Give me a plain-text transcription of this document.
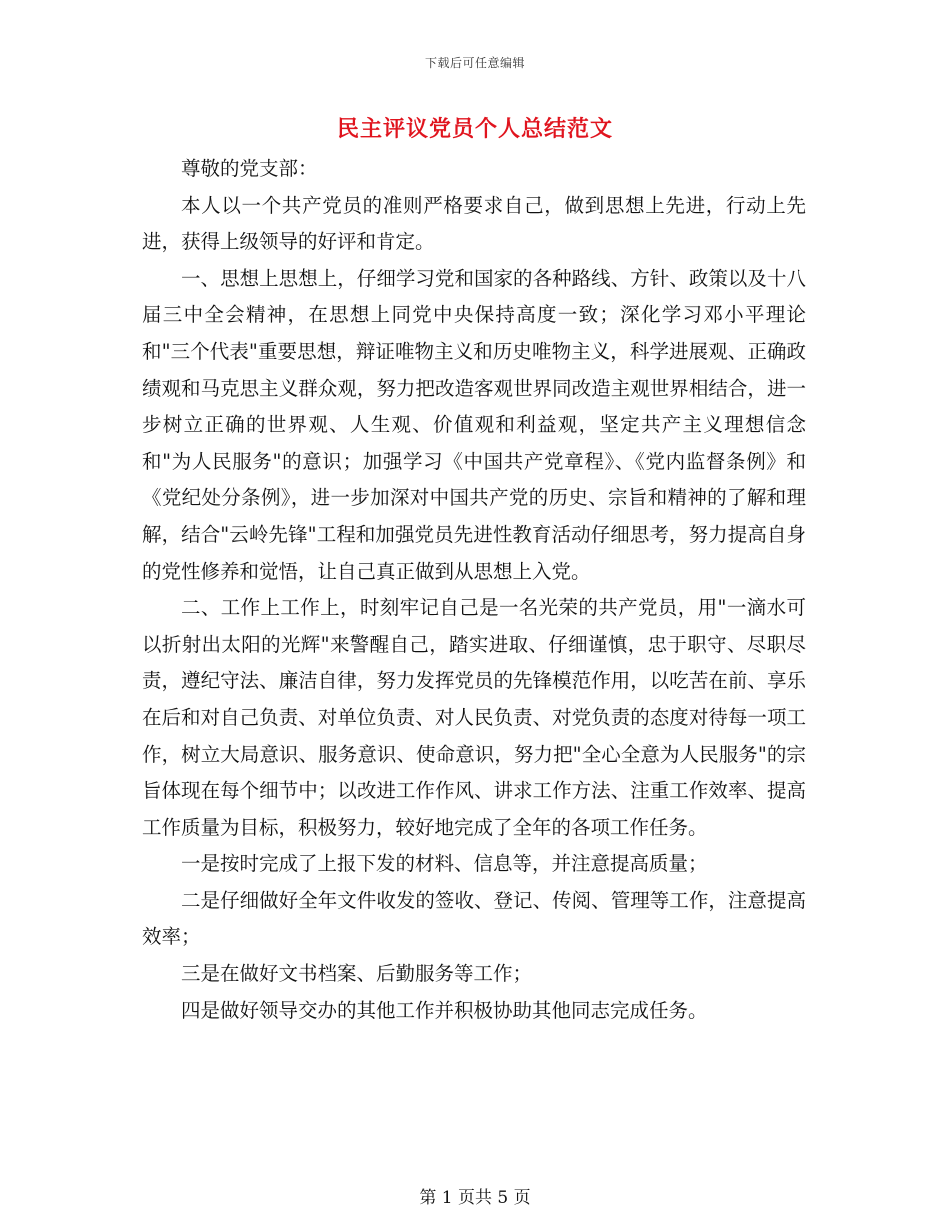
下载后可任意编辑
民主评议党员个人总结范文

尊敬的党支部：

本人以一个共产党员的准则严格要求自己，做到思想上先进，行动上先进，获得上级领导的好评和肯定。

一、思想上思想上，仔细学习党和国家的各种路线、方针、政策以及十八届三中全会精神，在思想上同党中央保持高度一致；深化学习邓小平理论和"三个代表"重要思想，辩证唯物主义和历史唯物主义，科学进展观、正确政绩观和马克思主义群众观，努力把改造客观世界同改造主观世界相结合，进一步树立正确的世界观、人生观、价值观和利益观，坚定共产主义理想信念和"为人民服务"的意识；加强学习《中国共产党章程》、《党内监督条例》和《党纪处分条例》，进一步加深对中国共产党的历史、宗旨和精神的了解和理解，结合"云岭先锋"工程和加强党员先进性教育活动仔细思考，努力提高自身的党性修养和觉悟，让自己真正做到从思想上入党。

二、工作上工作上，时刻牢记自己是一名光荣的共产党员，用"一滴水可以折射出太阳的光辉"来警醒自己，踏实进取、仔细谨慎，忠于职守、尽职尽责，遵纪守法、廉洁自律，努力发挥党员的先锋模范作用，以吃苦在前、享乐在后和对自己负责、对单位负责、对人民负责、对党负责的态度对待每一项工作，树立大局意识、服务意识、使命意识，努力把"全心全意为人民服务"的宗旨体现在每个细节中；以改进工作作风、讲求工作方法、注重工作效率、提高工作质量为目标，积极努力，较好地完成了全年的各项工作任务。

一是按时完成了上报下发的材料、信息等，并注意提高质量；

二是仔细做好全年文件收发的签收、登记、传阅、管理等工作，注意提高效率；

三是在做好文书档案、后勤服务等工作；

四是做好领导交办的其他工作并积极协助其他同志完成任务。

第 1 页共 5 页
